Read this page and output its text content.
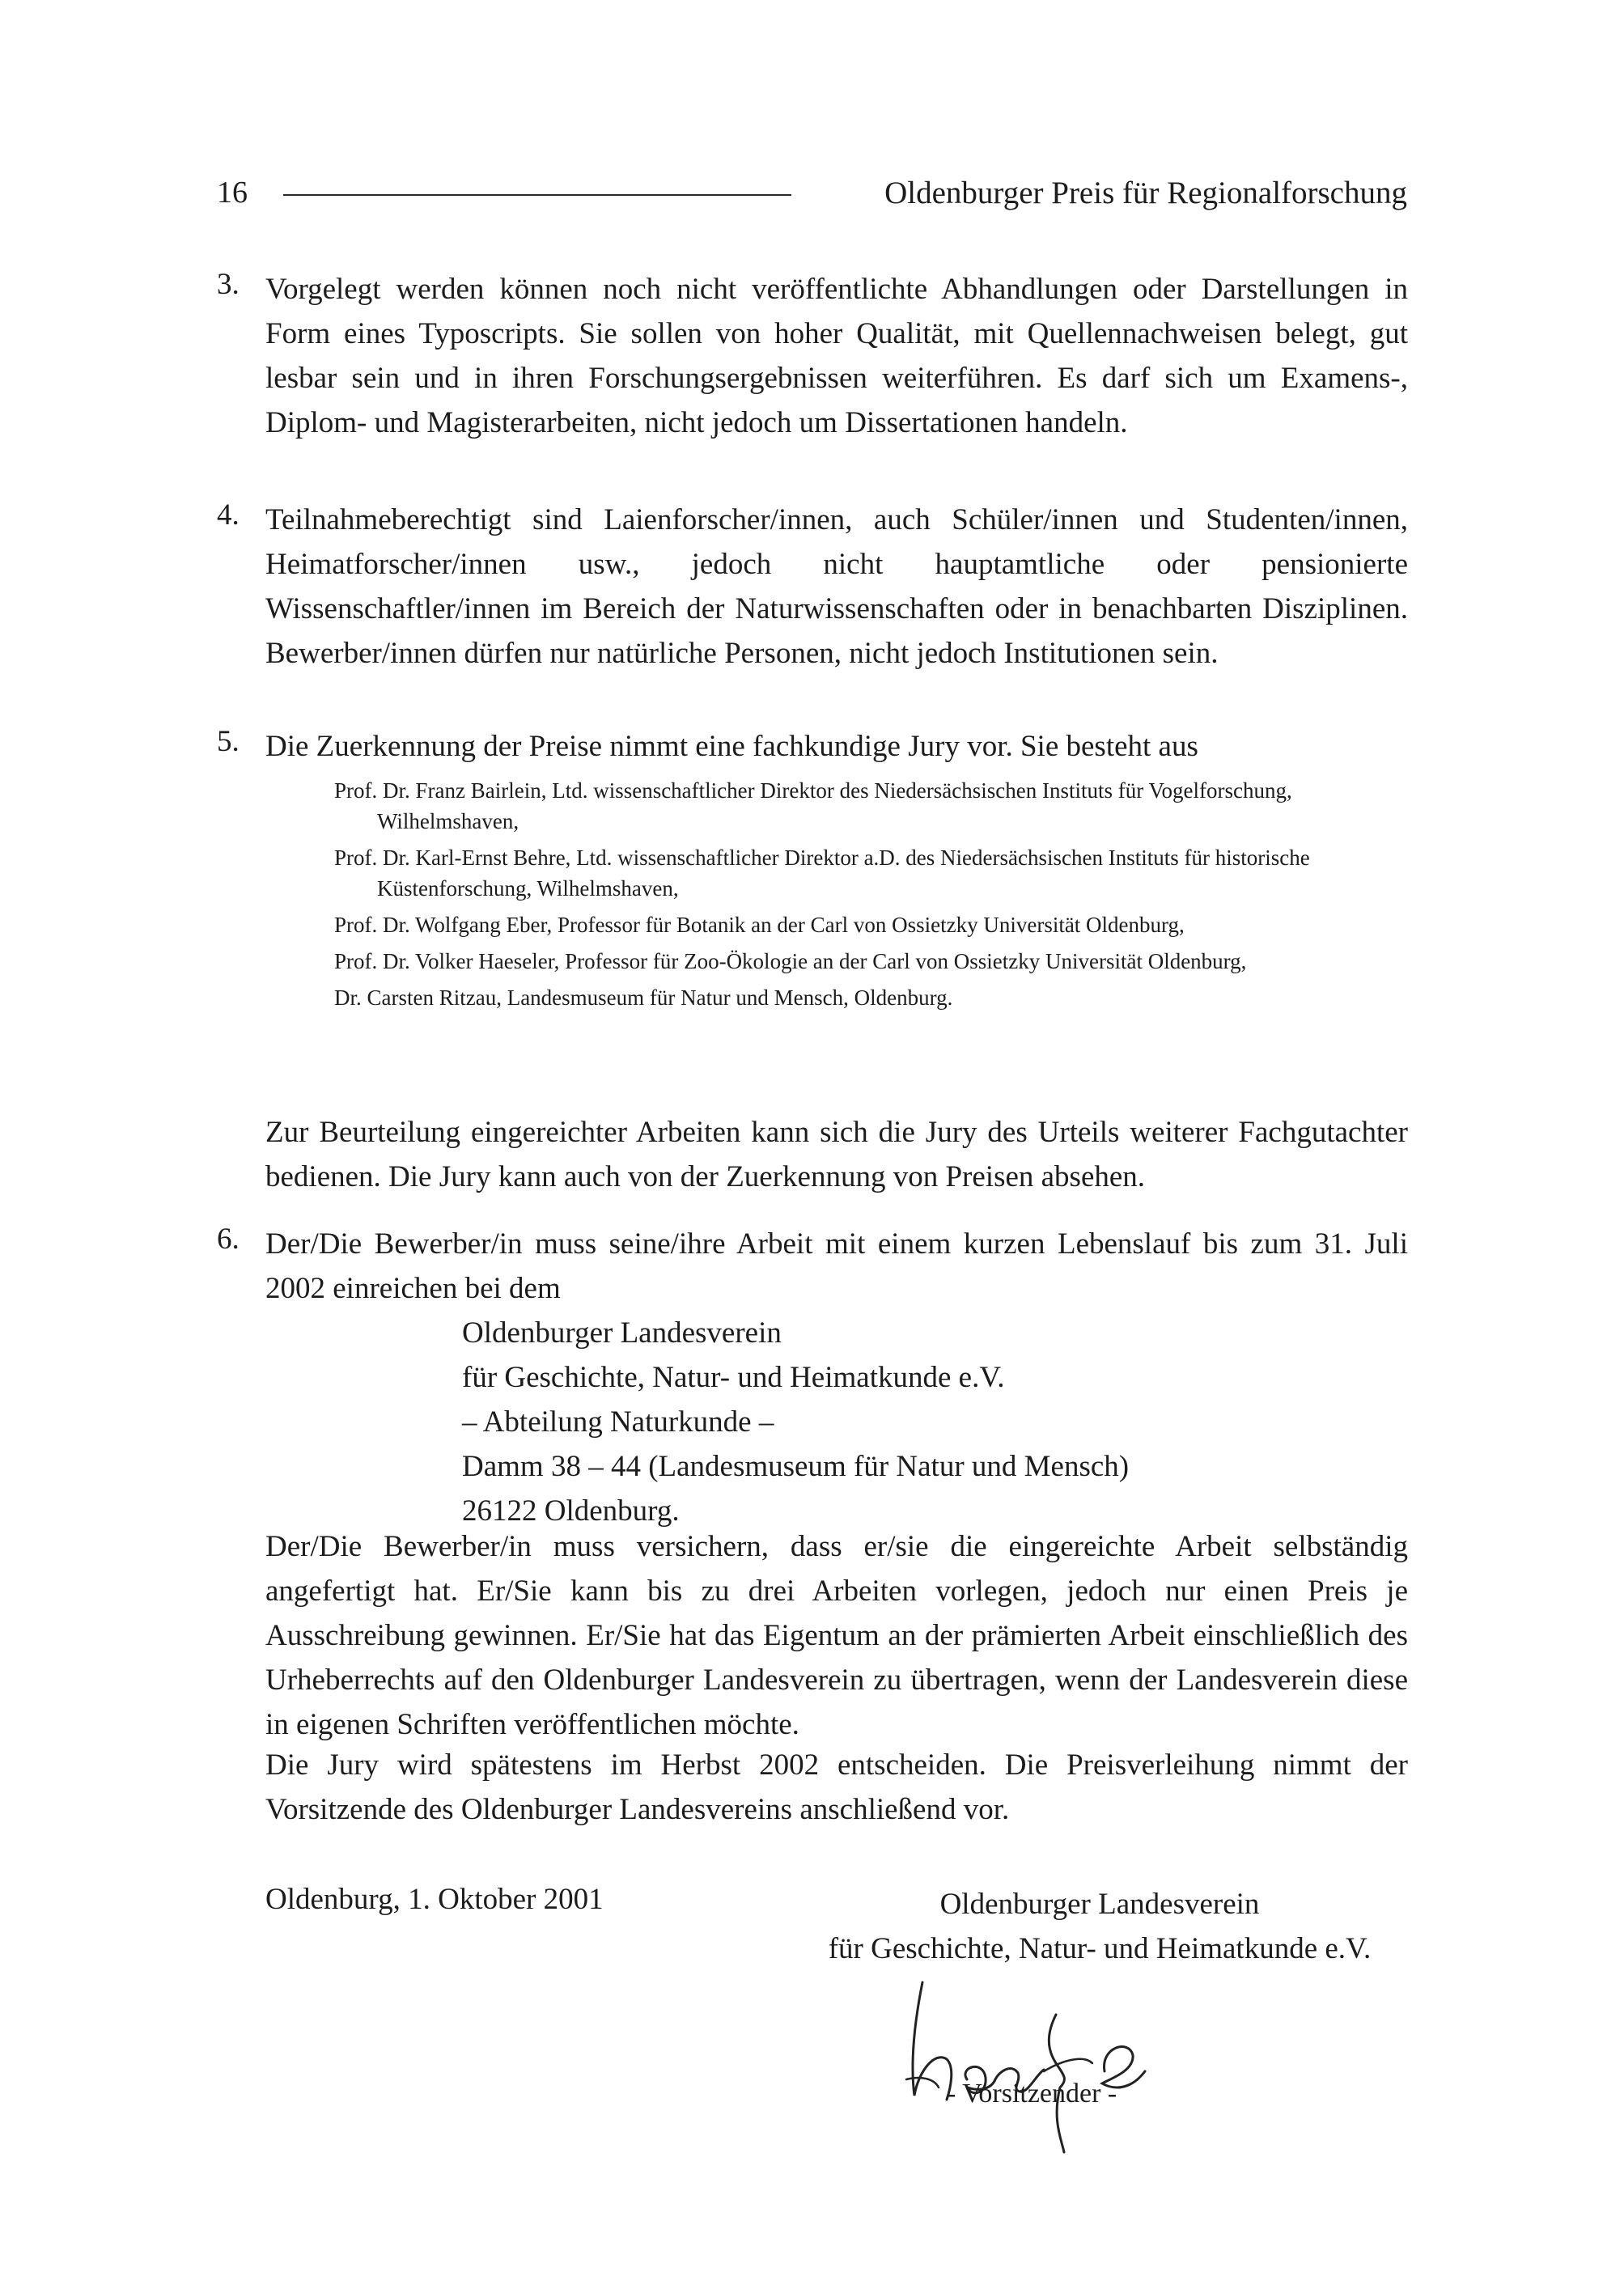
16	Oldenburger Preis für Regionalforschung
3. Vorgelegt werden können noch nicht veröffentlichte Abhandlungen oder Darstellungen in Form eines Typoscripts. Sie sollen von hoher Qualität, mit Quellennachweisen belegt, gut lesbar sein und in ihren Forschungsergebnissen weiterführen. Es darf sich um Examens-, Diplom- und Magisterarbeiten, nicht jedoch um Dissertationen handeln.
4. Teilnahmeberechtigt sind Laienforscher/innen, auch Schüler/innen und Studenten/innen, Heimatforscher/innen usw., jedoch nicht hauptamtliche oder pensionierte Wissenschaftler/innen im Bereich der Naturwissenschaften oder in benachbarten Disziplinen. Bewerber/innen dürfen nur natürliche Personen, nicht jedoch Institutionen sein.
5. Die Zuerkennung der Preise nimmt eine fachkundige Jury vor. Sie besteht aus
Prof. Dr. Franz Bairlein, Ltd. wissenschaftlicher Direktor des Niedersächsischen Instituts für Vogelforschung, Wilhelmshaven,
Prof. Dr. Karl-Ernst Behre, Ltd. wissenschaftlicher Direktor a.D. des Niedersächsischen Instituts für historische Küstenforschung, Wilhelmshaven,
Prof. Dr. Wolfgang Eber, Professor für Botanik an der Carl von Ossietzky Universität Oldenburg,
Prof. Dr. Volker Haeseler, Professor für Zoo-Ökologie an der Carl von Ossietzky Universität Oldenburg,
Dr. Carsten Ritzau, Landesmuseum für Natur und Mensch, Oldenburg.
Zur Beurteilung eingereichter Arbeiten kann sich die Jury des Urteils weiterer Fachgutachter bedienen. Die Jury kann auch von der Zuerkennung von Preisen absehen.
6. Der/Die Bewerber/in muss seine/ihre Arbeit mit einem kurzen Lebenslauf bis zum 31. Juli 2002 einreichen bei dem
Oldenburger Landesverein
für Geschichte, Natur- und Heimatkunde e.V.
– Abteilung Naturkunde –
Damm 38 – 44 (Landesmuseum für Natur und Mensch)
26122 Oldenburg.
Der/Die Bewerber/in muss versichern, dass er/sie die eingereichte Arbeit selbständig angefertigt hat. Er/Sie kann bis zu drei Arbeiten vorlegen, jedoch nur einen Preis je Ausschreibung gewinnen. Er/Sie hat das Eigentum an der prämierten Arbeit einschließlich des Urheberrechts auf den Oldenburger Landesverein zu übertragen, wenn der Landesverein diese in eigenen Schriften veröffentlichen möchte.
Die Jury wird spätestens im Herbst 2002 entscheiden. Die Preisverleihung nimmt der Vorsitzende des Oldenburger Landesvereins anschließend vor.
Oldenburg, 1. Oktober 2001	Oldenburger Landesverein
für Geschichte, Natur- und Heimatkunde e.V.
- Vorsitzender -
